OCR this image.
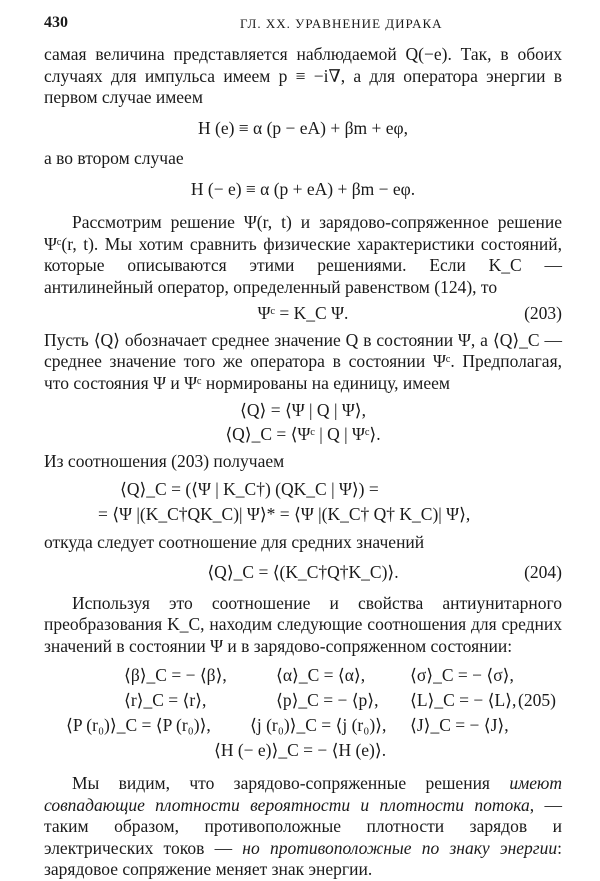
430	ГЛ. XX. УРАВНЕНИЕ ДИРАКА

самая величина представляется наблюдаемой Q(−e). Так, в обоих случаях для импульса имеем p ≡ −i∇, а для оператора энергии в первом случае имеем

H (e) ≡ α (p − eA) + βm + eφ,

а во втором случае

H (− e) ≡ α (p + eA) + βm − eφ.

Рассмотрим решение Ψ(r, t) и зарядово-сопряженное решение Ψᶜ(r, t). Мы хотим сравнить физические характеристики состояний, которые описываются этими решениями. Если K_C — антилинейный оператор, определенный равенством (124), то

Ψᶜ = K_C Ψ.	(203)

Пусть ⟨Q⟩ обозначает среднее значение Q в состоянии Ψ, а ⟨Q⟩_C — среднее значение того же оператора в состоянии Ψᶜ. Предполагая, что состояния Ψ и Ψᶜ нормированы на единицу, имеем

⟨Q⟩ = ⟨Ψ | Q | Ψ⟩,
⟨Q⟩_C = ⟨Ψᶜ | Q | Ψᶜ⟩.

Из соотношения (203) получаем

⟨Q⟩_C = (⟨Ψ | K_C†) (QK_C | Ψ⟩) =
= ⟨Ψ |(K_C†QK_C)| Ψ⟩* = ⟨Ψ |(K_C† Q† K_C)| Ψ⟩,

откуда следует соотношение для средних значений

⟨Q⟩_C = ⟨(K_C†Q†K_C)⟩.	(204)

Используя это соотношение и свойства антиунитарного преобразования K_C, находим следующие соотношения для средних значений в состоянии Ψ и в зарядово-сопряженном состоянии:

⟨β⟩_C = − ⟨β⟩,	⟨α⟩_C = ⟨α⟩,	⟨σ⟩_C = − ⟨σ⟩,
⟨r⟩_C = ⟨r⟩,	⟨p⟩_C = − ⟨p⟩, ⟨L⟩_C = − ⟨L⟩, (205)
⟨P (r₀)⟩_C = ⟨P (r₀)⟩, ⟨j (r₀)⟩_C = ⟨j (r₀)⟩, ⟨J⟩_C = − ⟨J⟩,
⟨H (− e)⟩_C = − ⟨H (e)⟩.

Мы видим, что зарядово-сопряженные решения имеют совпадающие плотности вероятности и плотности потока, — таким образом, противоположные плотности зарядов и электрических токов — но противоположные по знаку энергии: зарядовое сопряжение меняет знак энергии.
